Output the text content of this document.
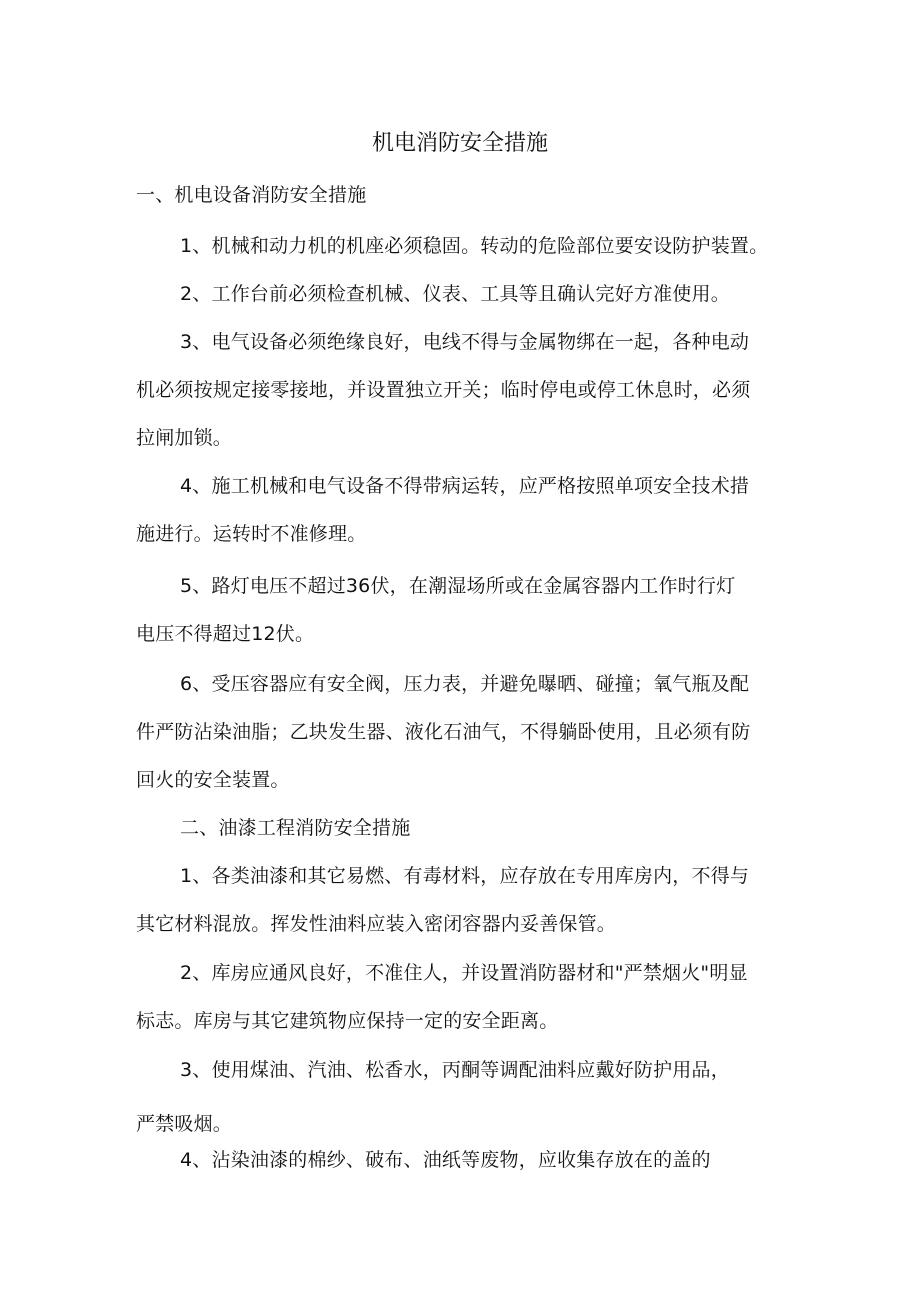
机电消防安全措施
一、机电设备消防安全措施
1、机械和动力机的机座必须稳固。转动的危险部位要安设防护装置。
2、工作台前必须检查机械、仪表、工具等且确认完好方准使用。
3、电气设备必须绝缘良好，电线不得与金属物绑在一起，各种电动
机必须按规定接零接地，并设置独立开关；临时停电或停工休息时，必须
拉闸加锁。
4、施工机械和电气设备不得带病运转，应严格按照单项安全技术措
施进行。运转时不准修理。
5、路灯电压不超过36伏，在潮湿场所或在金属容器内工作时行灯
电压不得超过12伏。
6、受压容器应有安全阀，压力表，并避免曝晒、碰撞；氧气瓶及配
件严防沾染油脂；乙块发生器、液化石油气，不得躺卧使用，且必须有防
回火的安全装置。
二、油漆工程消防安全措施
1、各类油漆和其它易燃、有毒材料，应存放在专用库房内，不得与
其它材料混放。挥发性油料应装入密闭容器内妥善保管。
2、库房应通风良好，不准住人，并设置消防器材和"严禁烟火"明显
标志。库房与其它建筑物应保持一定的安全距离。
3、使用煤油、汽油、松香水，丙酮等调配油料应戴好防护用品，
严禁吸烟。
4、沾染油漆的棉纱、破布、油纸等废物，应收集存放在的盖的
